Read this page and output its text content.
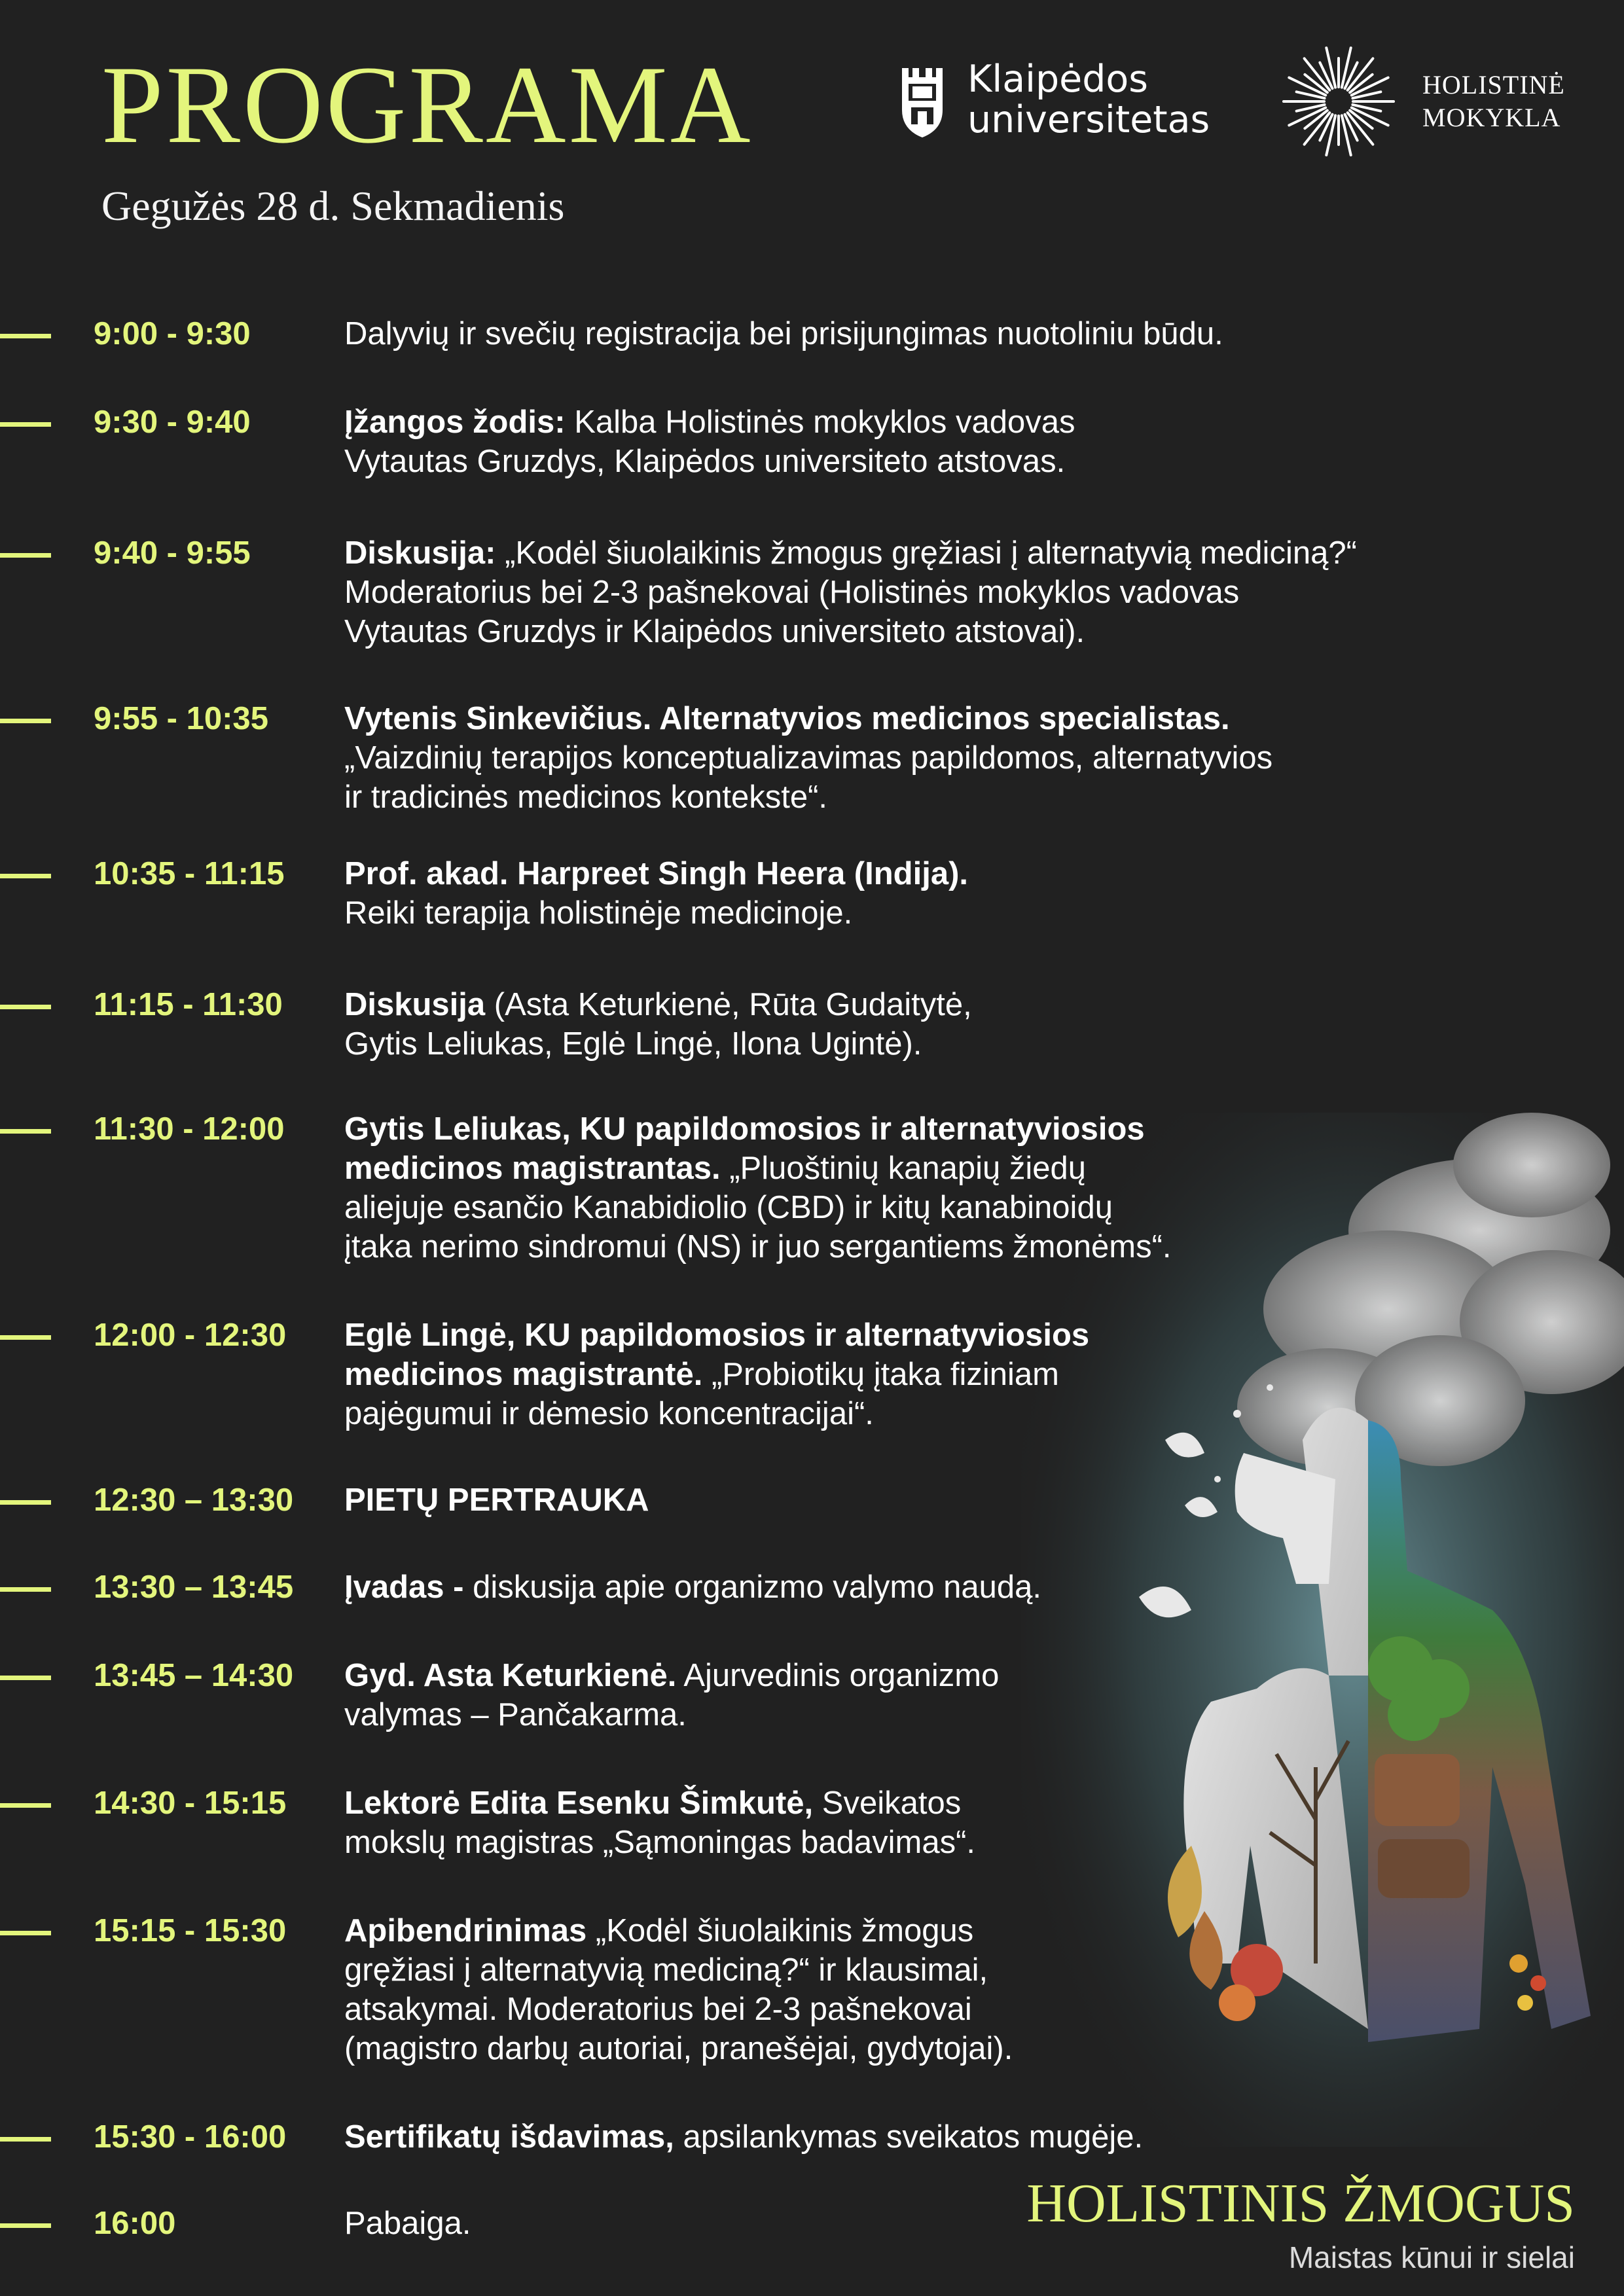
PROGRAMA
Gegužės 28 d. Sekmadienis
Klaipėdos
universitetas
HOLISTINĖ
MOKYKLA
9:00 - 9:30	Dalyvių ir svečių registracija bei prisijungimas nuotoliniu būdu.
9:30 - 9:40	Įžangos žodis: Kalba Holistinės mokyklos vadovas
Vytautas Gruzdys, Klaipėdos universiteto atstovas.
9:40 - 9:55	Diskusija: „Kodėl šiuolaikinis žmogus gręžiasi į alternatyvią mediciną?“
Moderatorius bei 2-3 pašnekovai (Holistinės mokyklos vadovas
Vytautas Gruzdys ir Klaipėdos universiteto atstovai).
9:55 - 10:35 Vytenis Sinkevičius. Alternatyvios medicinos specialistas.
„Vaizdinių terapijos konceptualizavimas papildomos, alternatyvios
ir tradicinės medicinos kontekste“.
10:35 - 11:15 Prof. akad. Harpreet Singh Heera (Indija).
Reiki terapija holistinėje medicinoje.
11:15 - 11:30 Diskusija (Asta Keturkienė, Rūta Gudaitytė,
Gytis Leliukas, Eglė Lingė, Ilona Ugintė).
11:30 - 12:00 Gytis Leliukas, KU papildomosios ir alternatyviosios
medicinos magistrantas. „Pluoštinių kanapių žiedų
aliejuje esančio Kanabidiolio (CBD) ir kitų kanabinoidų
įtaka nerimo sindromui (NS) ir juo sergantiems žmonėms“.
12:00 - 12:30 Eglė Lingė, KU papildomosios ir alternatyviosios
medicinos magistrantė. „Probiotikų įtaka fiziniam
pajėgumui ir dėmesio koncentracijai“.
12:30 – 13:30 PIETŲ PERTRAUKA
13:30 – 13:45 Įvadas - diskusija apie organizmo valymo naudą.
13:45 – 14:30 Gyd. Asta Keturkienė. Ajurvedinis organizmo
valymas – Pančakarma.
14:30 - 15:15 Lektorė Edita Esenku Šimkutė, Sveikatos
mokslų magistras „Sąmoningas badavimas“.
15:15 - 15:30 Apibendrinimas „Kodėl šiuolaikinis žmogus
gręžiasi į alternatyvią mediciną?“ ir klausimai,
atsakymai. Moderatorius bei 2-3 pašnekovai
(magistro darbų autoriai, pranešėjai, gydytojai).
15:30 - 16:00 Sertifikatų išdavimas, apsilankymas sveikatos mugėje.
16:00	Pabaiga.	HOLISTINIS ŽMOGUS
Maistas kūnui ir sielai
